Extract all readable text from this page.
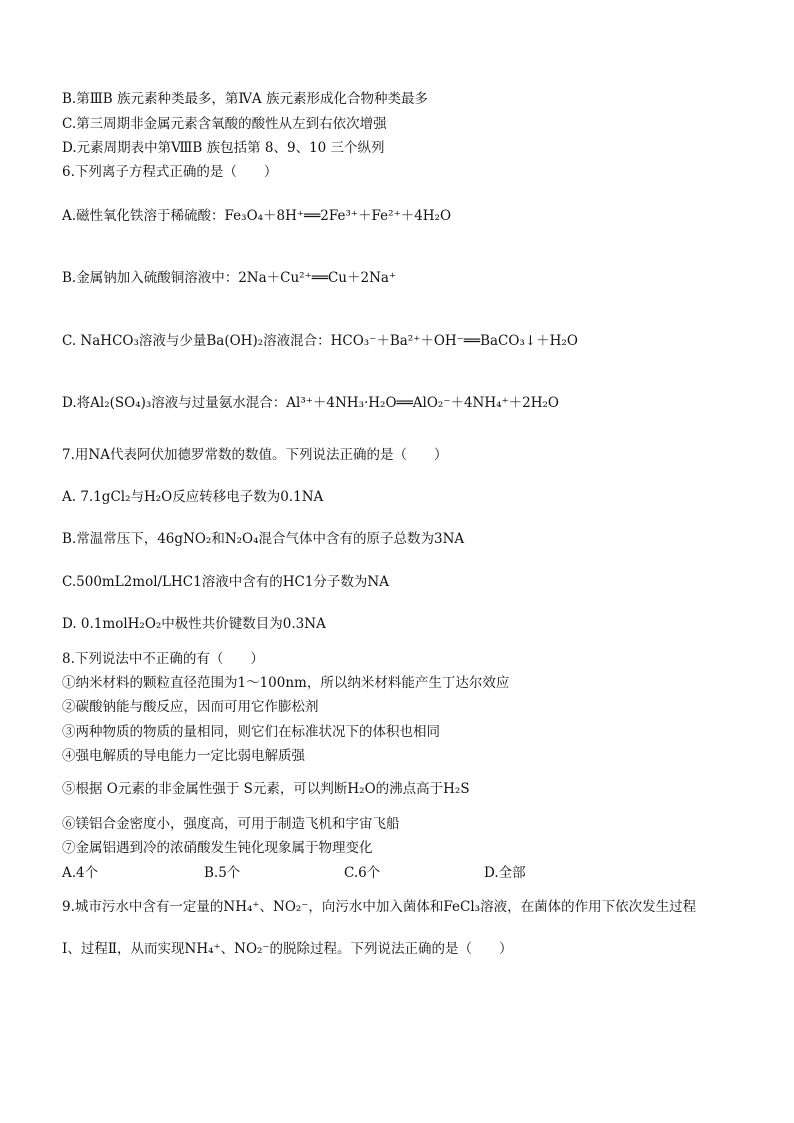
B.第ⅢB 族元素种类最多，第ⅣA 族元素形成化合物种类最多
C.第三周期非金属元素含氧酸的酸性从左到右依次增强
D.元素周期表中第ⅧB 族包括第 8、9、10 三个纵列
6.下列离子方程式正确的是（　　）
A.磁性氧化铁溶于稀硫酸：Fe₃O₄＋8H⁺══2Fe³⁺＋Fe²⁺＋4H₂O
B.金属钠加入硫酸铜溶液中：2Na＋Cu²⁺══Cu＋2Na⁺
C. NaHCO₃溶液与少量Ba(OH)₂溶液混合：HCO₃⁻＋Ba²⁺＋OH⁻══BaCO₃↓＋H₂O
D.将Al₂(SO₄)₃溶液与过量氨水混合：Al³⁺＋4NH₃·H₂O══AlO₂⁻＋4NH₄⁺＋2H₂O
7.用NA代表阿伏加德罗常数的数值。下列说法正确的是（　　）
A. 7.1gCl₂与H₂O反应转移电子数为0.1NA
B.常温常压下，46gNO₂和N₂O₄混合气体中含有的原子总数为3NA
C.500mL2mol/LHC1溶液中含有的HC1分子数为NA
D. 0.1molH₂O₂中极性共价键数目为0.3NA
8.下列说法中不正确的有（　　）
①纳米材料的颗粒直径范围为1～100nm，所以纳米材料能产生丁达尔效应
②碳酸钠能与酸反应，因而可用它作膨松剂
③两种物质的物质的量相同，则它们在标准状况下的体积也相同
④强电解质的导电能力一定比弱电解质强
⑤根据 O元素的非金属性强于 S元素，可以判断H₂O的沸点高于H₂S
⑥镁铝合金密度小，强度高，可用于制造飞机和宇宙飞船
⑦金属铝遇到冷的浓硝酸发生钝化现象属于物理变化
A.4个	B.5个	C.6个	D.全部
9.城市污水中含有一定量的NH₄⁺、NO₂⁻，向污水中加入菌体和FeCl₃溶液，在菌体的作用下依次发生过程
Ⅰ、过程Ⅱ，从而实现NH₄⁺、NO₂⁻的脱除过程。下列说法正确的是（　　）
